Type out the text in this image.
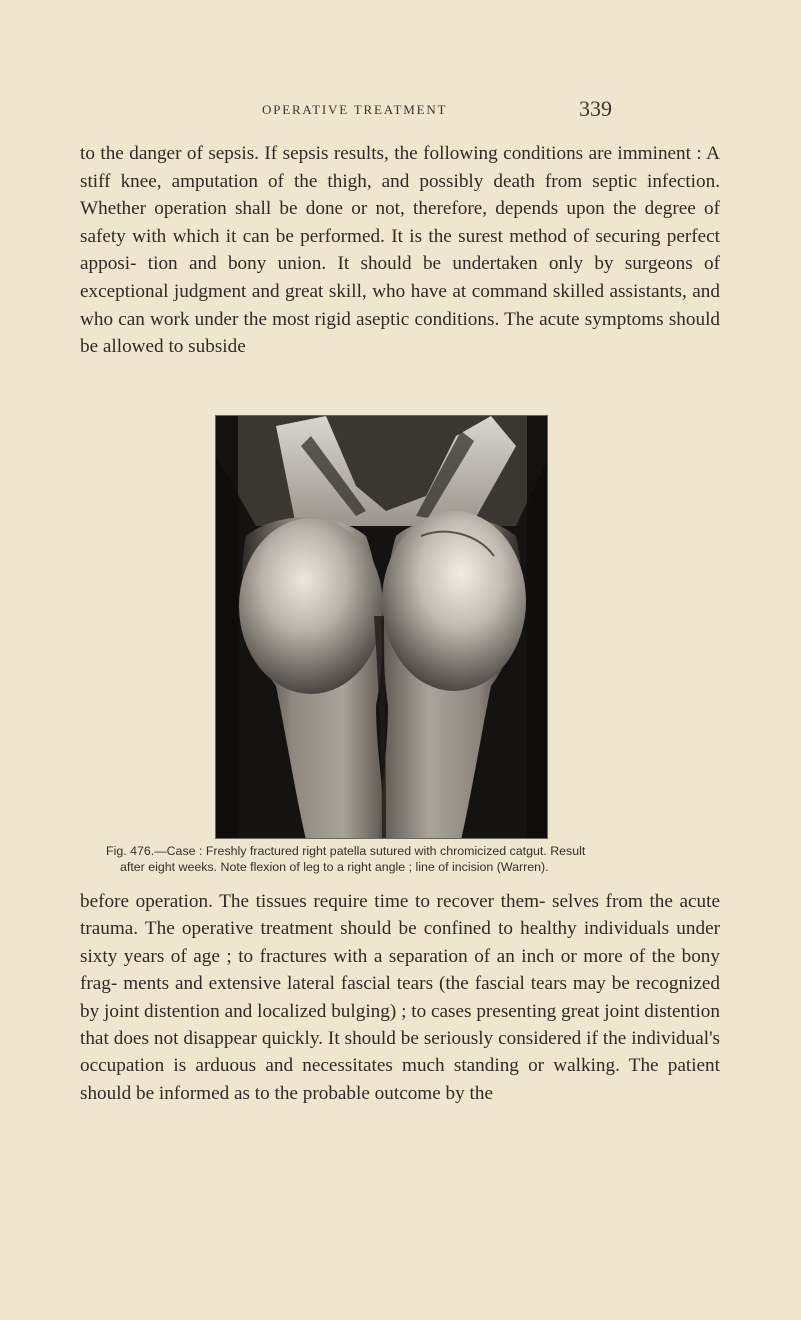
OPERATIVE TREATMENT	339

to the danger of sepsis. If sepsis results, the following conditions are imminent : A stiff knee, amputation of the thigh, and possibly death from septic infection. Whether operation shall be done or not, therefore, depends upon the degree of safety with which it can be performed. It is the surest method of securing perfect apposi- tion and bony union. It should be undertaken only by surgeons of exceptional judgment and great skill, who have at command skilled assistants, and who can work under the most rigid aseptic conditions. The acute symptoms should be allowed to subside

Fig. 476.—Case : Freshly fractured right patella sutured with chromicized catgut. Result
after eight weeks. Note flexion of leg to a right angle ; line of incision (Warren).

before operation. The tissues require time to recover them- selves from the acute trauma. The operative treatment should be confined to healthy individuals under sixty years of age ; to fractures with a separation of an inch or more of the bony frag- ments and extensive lateral fascial tears (the fascial tears may be recognized by joint distention and localized bulging) ; to cases presenting great joint distention that does not disappear quickly. It should be seriously considered if the individual's occupation is arduous and necessitates much standing or walking. The patient should be informed as to the probable outcome by the
